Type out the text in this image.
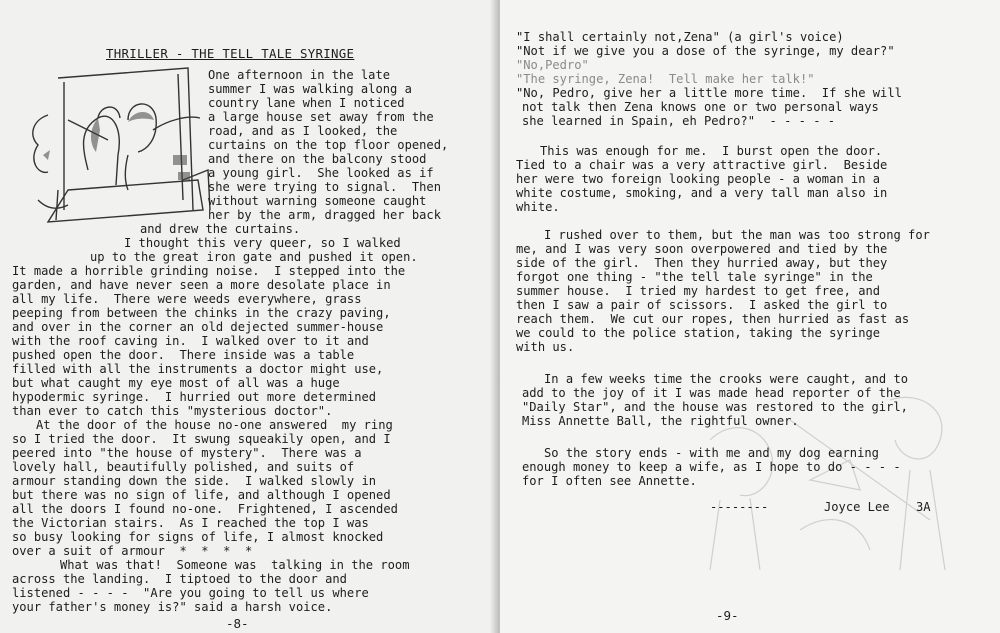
THRILLER - THE TELL TALE SYRINGE
One afternoon in the late
summer I was walking along a
country lane when I noticed
a large house set away from the
road, and as I looked, the
curtains on the top floor opened,
and there on the balcony stood
a young girl.  She looked as if
she were trying to signal.  Then
without warning someone caught
her by the arm, dragged her back
and drew the curtains.
I thought this very queer, so I walked
up to the great iron gate and pushed it open.
It made a horrible grinding noise.  I stepped into the
garden, and have never seen a more desolate place in
all my life.  There were weeds everywhere, grass
peeping from between the chinks in the crazy paving,
and over in the corner an old dejected summer-house
with the roof caving in.  I walked over to it and
pushed open the door.  There inside was a table
filled with all the instruments a doctor might use,
but what caught my eye most of all was a huge
hypodermic syringe.  I hurried out more determined
than ever to catch this "mysterious doctor".
At the door of the house no-one answered  my ring
so I tried the door.  It swung squeakily open, and I
peered into "the house of mystery".  There was a
lovely hall, beautifully polished, and suits of
armour standing down the side.  I walked slowly in
but there was no sign of life, and although I opened
all the doors I found no-one.  Frightened, I ascended
the Victorian stairs.  As I reached the top I was
so busy looking for signs of life, I almost knocked
over a suit of armour  *  *  *  *
What was that!  Someone was  talking in the room
across the landing.  I tiptoed to the door and
listened - - - -  "Are you going to tell us where
your father's money is?" said a harsh voice.
-8-
"I shall certainly not,Zena" (a girl's voice)
"Not if we give you a dose of the syringe, my dear?"
"No,Pedro"
"The syringe, Zena!  Tell make her talk!"
"No, Pedro, give her a little more time.  If she will
not talk then Zena knows one or two personal ways
she learned in Spain, eh Pedro?"  - - - - -
This was enough for me.  I burst open the door.
Tied to a chair was a very attractive girl.  Beside
her were two foreign looking people - a woman in a
white costume, smoking, and a very tall man also in
white.
I rushed over to them, but the man was too strong for
me, and I was very soon overpowered and tied by the
side of the girl.  Then they hurried away, but they
forgot one thing - "the tell tale syringe" in the
summer house.  I tried my hardest to get free, and
then I saw a pair of scissors.  I asked the girl to
reach them.  We cut our ropes, then hurried as fast as
we could to the police station, taking the syringe
with us.
In a few weeks time the crooks were caught, and to
add to the joy of it I was made head reporter of the
"Daily Star", and the house was restored to the girl,
Miss Annette Ball, the rightful owner.
So the story ends - with me and my dog earning
enough money to keep a wife, as I hope to do - - - -
for I often see Annette.
--------	Joyce Lee 3A
-9-
